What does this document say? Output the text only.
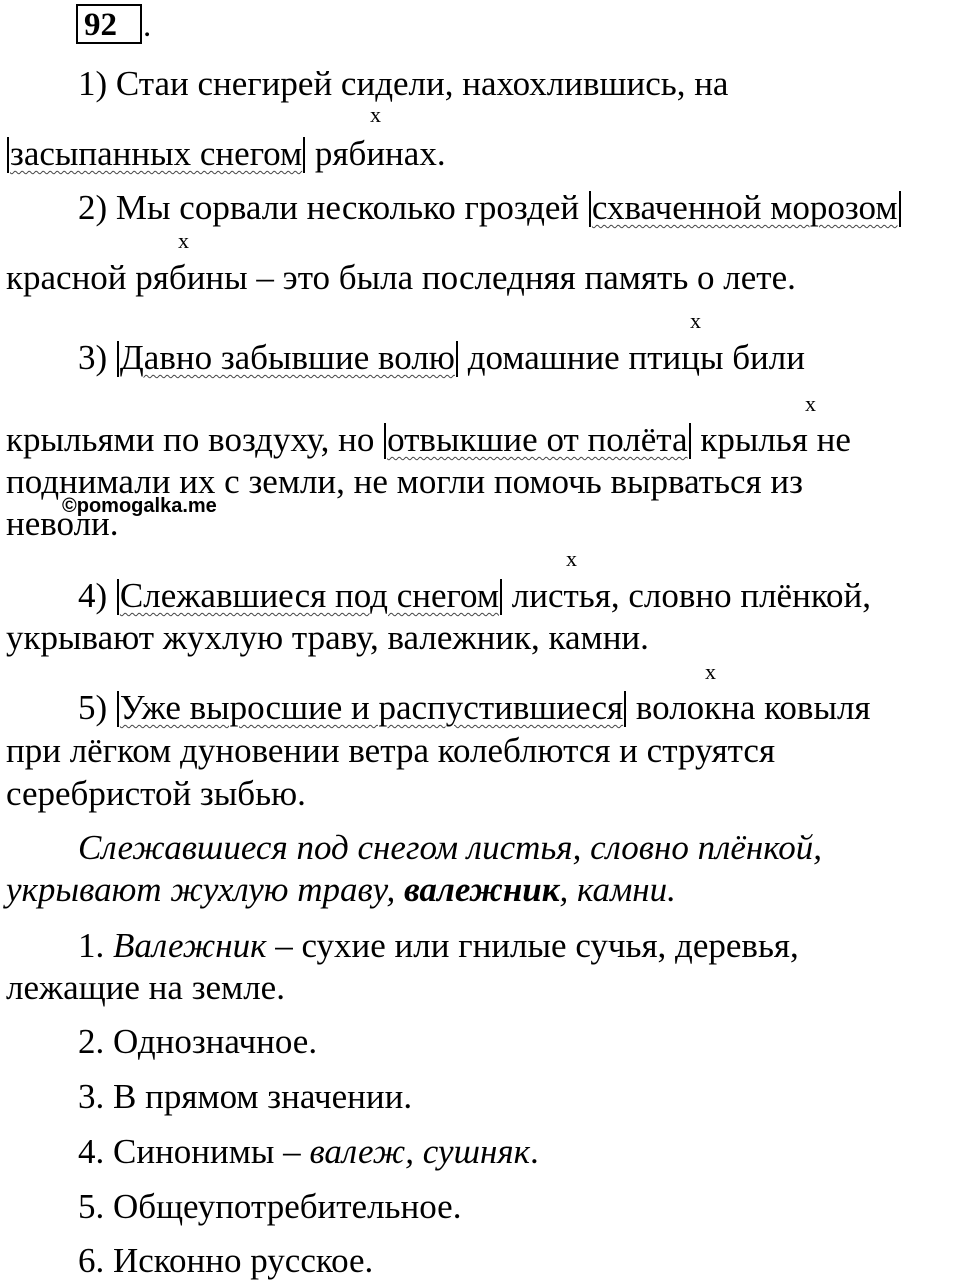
92 .
1) Стаи снегирей сидели, нахохлившись, на
x
засыпанных снегом рябинах.
2) Мы сорвали несколько гроздей схваченной морозом
x
красной рябины – это была последняя память о лете.
x
3) Давно забывшие волю домашние птицы били
x
крыльями по воздуху, но отвыкшие от полёта крылья не
поднимали их с земли, не могли помочь вырваться из
©pomogalka.me
неволи.
x
4) Слежавшиеся под снегом листья, словно плёнкой,
укрывают жухлую траву, валежник, камни.
x
5) Уже выросшие и распустившиеся волокна ковыля
при лёгком дуновении ветра колеблются и струятся
серебристой зыбью.
Слежавшиеся под снегом листья, словно плёнкой,
укрывают жухлую траву, валежник, камни.
1. Валежник – сухие или гнилые сучья, деревья,
лежащие на земле.
2. Однозначное.
3. В прямом значении.
4. Синонимы – валеж, сушняк.
5. Общеупотребительное.
6. Исконно русское.
